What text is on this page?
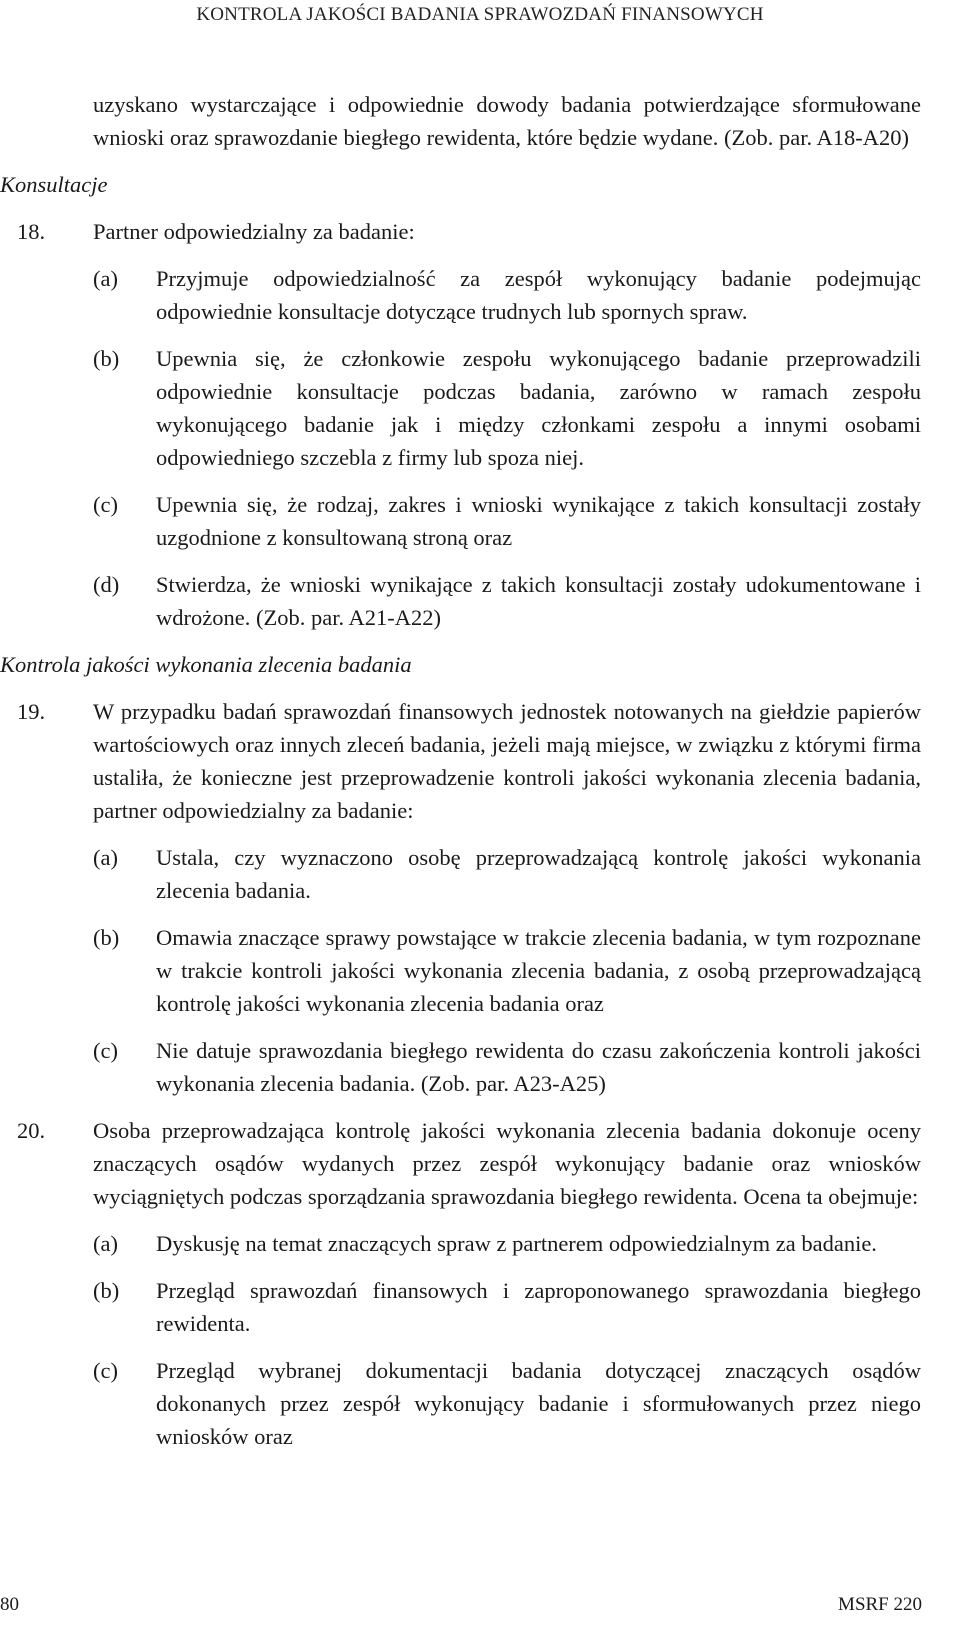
KONTROLA JAKOŚCI BADANIA SPRAWOZDAŃ FINANSOWYCH
uzyskano wystarczające i odpowiednie dowody badania potwierdzające sformułowane wnioski oraz sprawozdanie biegłego rewidenta, które będzie wydane. (Zob. par. A18-A20)
Konsultacje
18. Partner odpowiedzialny za badanie:
(a) Przyjmuje odpowiedzialność za zespół wykonujący badanie podejmując odpowiednie konsultacje dotyczące trudnych lub spornych spraw.
(b) Upewnia się, że członkowie zespołu wykonującego badanie przeprowadzili odpowiednie konsultacje podczas badania, zarówno w ramach zespołu wykonującego badanie jak i między członkami zespołu a innymi osobami odpowiedniego szczebla z firmy lub spoza niej.
(c) Upewnia się, że rodzaj, zakres i wnioski wynikające z takich konsultacji zostały uzgodnione z konsultowaną stroną oraz
(d) Stwierdza, że wnioski wynikające z takich konsultacji zostały udokumentowane i wdrożone. (Zob. par. A21-A22)
Kontrola jakości wykonania zlecenia badania
19. W przypadku badań sprawozdań finansowych jednostek notowanych na giełdzie papierów wartościowych oraz innych zleceń badania, jeżeli mają miejsce, w związku z którymi firma ustaliła, że konieczne jest przeprowadzenie kontroli jakości wykonania zlecenia badania, partner odpowiedzialny za badanie:
(a) Ustala, czy wyznaczono osobę przeprowadzającą kontrolę jakości wykonania zlecenia badania.
(b) Omawia znaczące sprawy powstające w trakcie zlecenia badania, w tym rozpoznane w trakcie kontroli jakości wykonania zlecenia badania, z osobą przeprowadzającą kontrolę jakości wykonania zlecenia badania oraz
(c) Nie datuje sprawozdania biegłego rewidenta do czasu zakończenia kontroli jakości wykonania zlecenia badania. (Zob. par. A23-A25)
20. Osoba przeprowadzająca kontrolę jakości wykonania zlecenia badania dokonuje oceny znaczących osądów wydanych przez zespół wykonujący badanie oraz wniosków wyciągniętych podczas sporządzania sprawozdania biegłego rewidenta. Ocena ta obejmuje:
(a) Dyskusję na temat znaczących spraw z partnerem odpowiedzialnym za badanie.
(b) Przegląd sprawozdań finansowych i zaproponowanego sprawozdania biegłego rewidenta.
(c) Przegląd wybranej dokumentacji badania dotyczącej znaczących osądów dokonanych przez zespół wykonujący badanie i sformułowanych przez niego wniosków oraz
80	MSRF 220
